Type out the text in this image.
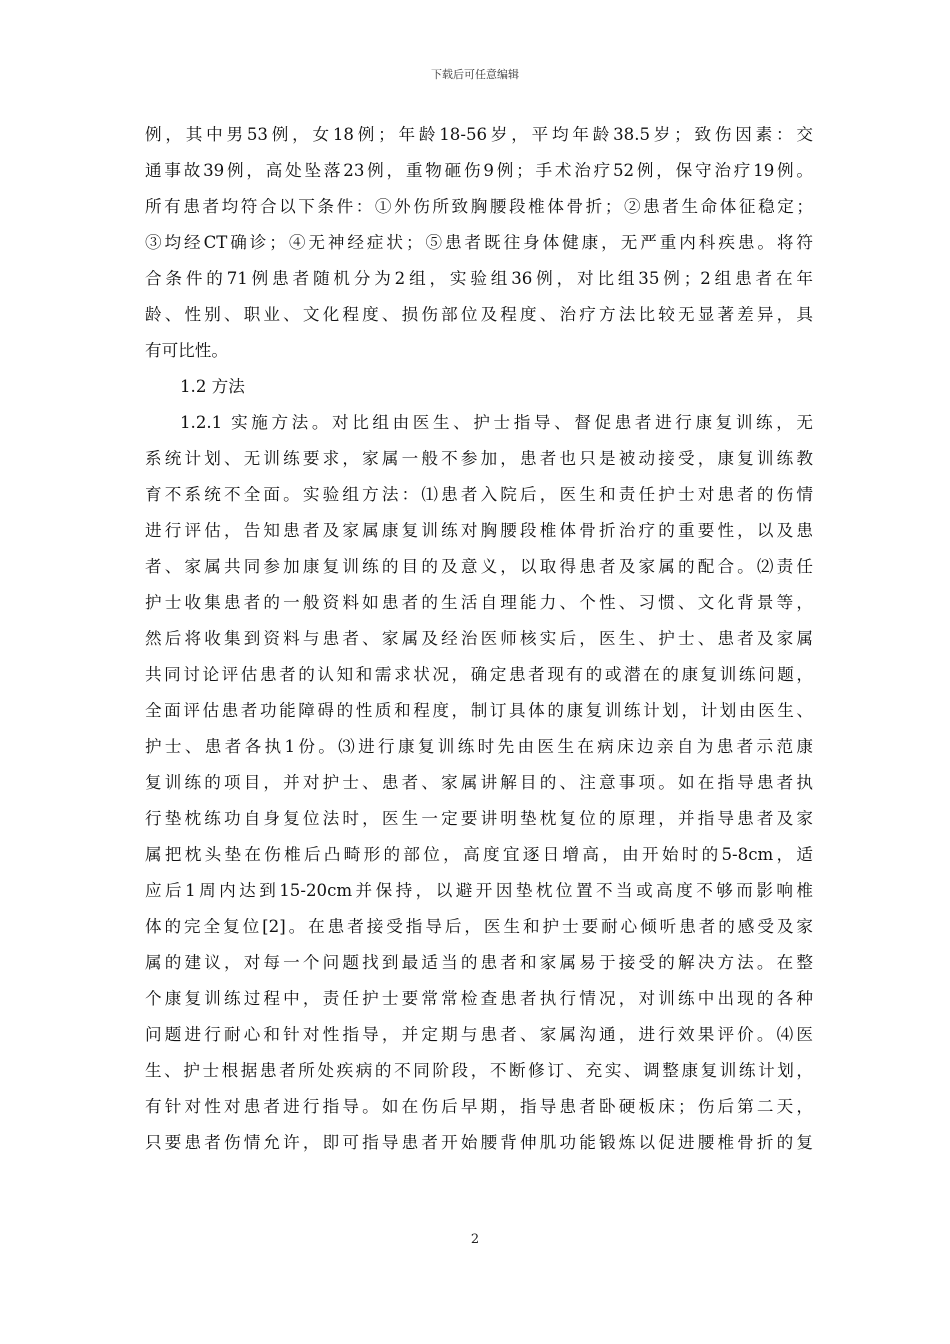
下载后可任意编辑
例，其中男53例，女18例；年龄18-56岁，平均年龄38.5岁；致伤因素：交
通事故39例，高处坠落23例，重物砸伤9例；手术治疗52例，保守治疗19例。
所有患者均符合以下条件：①外伤所致胸腰段椎体骨折；②患者生命体征稳定；
③均经CT确诊；④无神经症状；⑤患者既往身体健康，无严重内科疾患。将符
合条件的71例患者随机分为2组，实验组36例，对比组35例；2组患者在年
龄、性别、职业、文化程度、损伤部位及程度、治疗方法比较无显著差异，具
有可比性。
1.2 方法
1.2.1 实施方法。对比组由医生、护士指导、督促患者进行康复训练，无
系统计划、无训练要求，家属一般不参加，患者也只是被动接受，康复训练教
育不系统不全面。实验组方法：⑴患者入院后，医生和责任护士对患者的伤情
进行评估，告知患者及家属康复训练对胸腰段椎体骨折治疗的重要性，以及患
者、家属共同参加康复训练的目的及意义，以取得患者及家属的配合。⑵责任
护士收集患者的一般资料如患者的生活自理能力、个性、习惯、文化背景等，
然后将收集到资料与患者、家属及经治医师核实后，医生、护士、患者及家属
共同讨论评估患者的认知和需求状况，确定患者现有的或潜在的康复训练问题，
全面评估患者功能障碍的性质和程度，制订具体的康复训练计划，计划由医生、
护士、患者各执1份。⑶进行康复训练时先由医生在病床边亲自为患者示范康
复训练的项目，并对护士、患者、家属讲解目的、注意事项。如在指导患者执
行垫枕练功自身复位法时，医生一定要讲明垫枕复位的原理，并指导患者及家
属把枕头垫在伤椎后凸畸形的部位，高度宜逐日增高，由开始时的5-8cm，适
应后1周内达到15-20cm并保持，以避开因垫枕位置不当或高度不够而影响椎
体的完全复位[2]。在患者接受指导后，医生和护士要耐心倾听患者的感受及家
属的建议，对每一个问题找到最适当的患者和家属易于接受的解决方法。在整
个康复训练过程中，责任护士要常常检查患者执行情况，对训练中出现的各种
问题进行耐心和针对性指导，并定期与患者、家属沟通，进行效果评价。⑷医
生、护士根据患者所处疾病的不同阶段，不断修订、充实、调整康复训练计划，
有针对性对患者进行指导。如在伤后早期，指导患者卧硬板床；伤后第二天，
只要患者伤情允许，即可指导患者开始腰背伸肌功能锻炼以促进腰椎骨折的复
2
